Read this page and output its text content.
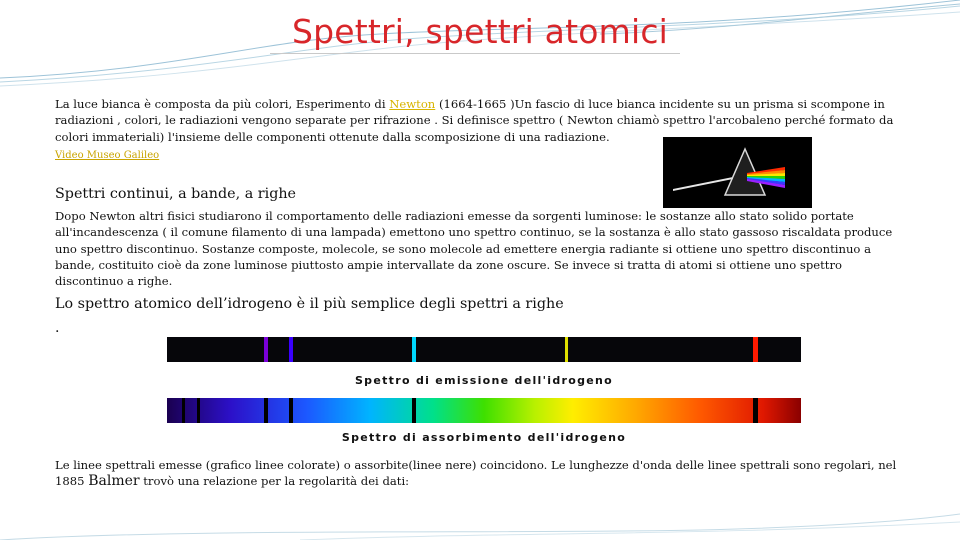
Spettri, spettri atomici

La luce bianca è composta da più colori, Esperimento di Newton (1664-1665 )Un fascio di luce bianca incidente su un prisma si scompone in radiazioni , colori, le radiazioni vengono separate per rifrazione . Si definisce spettro ( Newton chiamò spettro l'arcobaleno perché formato da colori immateriali) l'insieme delle componenti ottenute dalla scomposizione di una radiazione.

Video Museo Galileo
Spettri continui, a bande, a righe

Dopo Newton altri fisici studiarono il comportamento delle radiazioni emesse da sorgenti luminose: le sostanze allo stato solido portate all'incandescenza ( il comune filamento di una lampada) emettono uno spettro continuo, se la sostanza è allo stato gassoso riscaldata produce uno spettro discontinuo. Sostanze composte, molecole, se sono molecole ad emettere energia radiante si ottiene uno spettro discontinuo a bande, costituito cioè da zone luminose piuttosto ampie intervallate da zone oscure. Se invece si tratta di atomi si ottiene uno spettro discontinuo a righe.

Lo spettro atomico dell’idrogeno è il più semplice degli spettri a righe
.
Spettro di emissione dell'idrogeno
Spettro di assorbimento dell'idrogeno

Le linee spettrali emesse (grafico linee colorate) o assorbite(linee nere) coincidono. Le lunghezze d'onda delle linee spettrali sono regolari, nel 1885 Balmer trovò una relazione per la regolarità dei dati:
